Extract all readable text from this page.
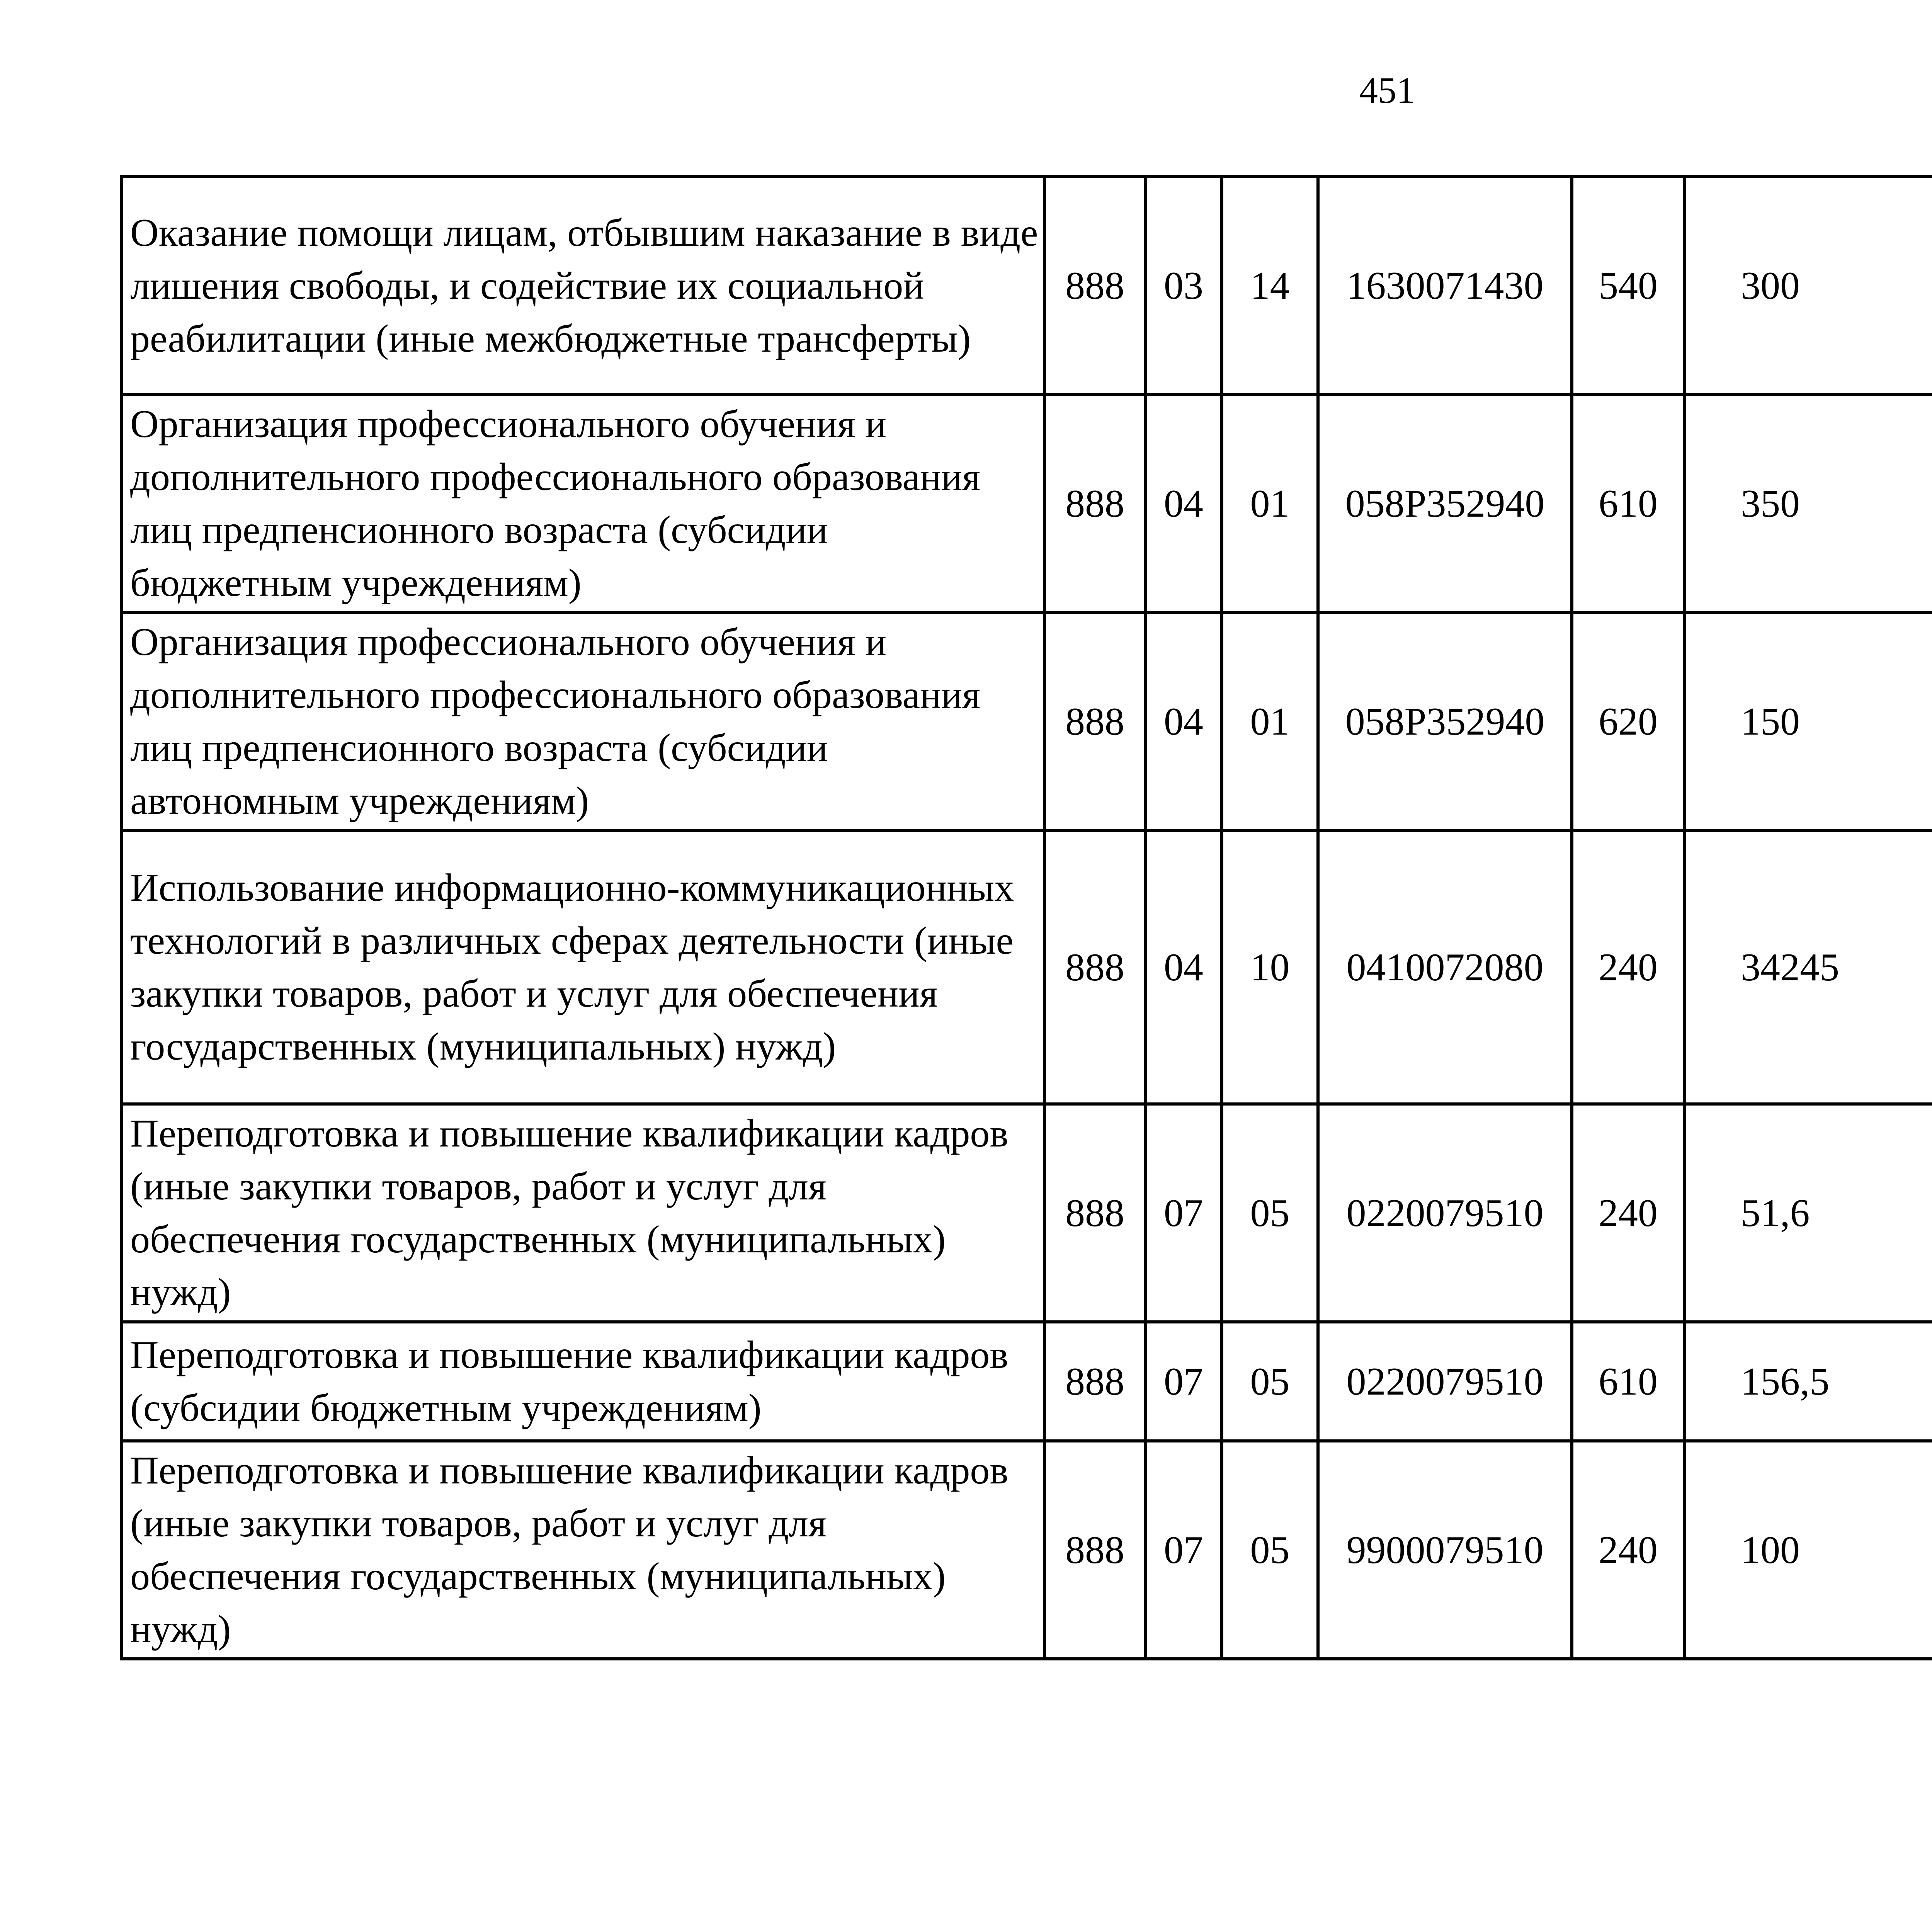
451
Оказание помощи лицам, отбывшим наказание в виде лишения свободы, и содействие их социальной реабилитации (иные межбюджетные трансферты)	888	03	14	1630071430	540	300		
Организация профессионального обучения и дополнительного профессионального образования лиц предпенсионного возраста (субсидии бюджетным учреждениям)	888	04	01	058P352940	610	350		
Организация профессионального обучения и дополнительного профессионального образования лиц предпенсионного возраста (субсидии автономным учреждениям)	888	04	01	058P352940	620	150		
Использование информационно-коммуникационных технологий в различных сферах деятельности (иные закупки товаров, работ и услуг для обеспечения государственных (муниципальных) нужд)	888	04	10	0410072080	240	34245		
Переподготовка и повышение квалификации кадров (иные закупки товаров, работ и услуг для обеспечения государственных (муниципальных) нужд)	888	07	05	0220079510	240	51,6		
Переподготовка и повышение квалификации кадров (субсидии бюджетным учреждениям)	888	07	05	0220079510	610	156,5		
Переподготовка и повышение квалификации кадров (иные закупки товаров, работ и услуг для обеспечения государственных (муниципальных) нужд)	888	07	05	9900079510	240	100		
